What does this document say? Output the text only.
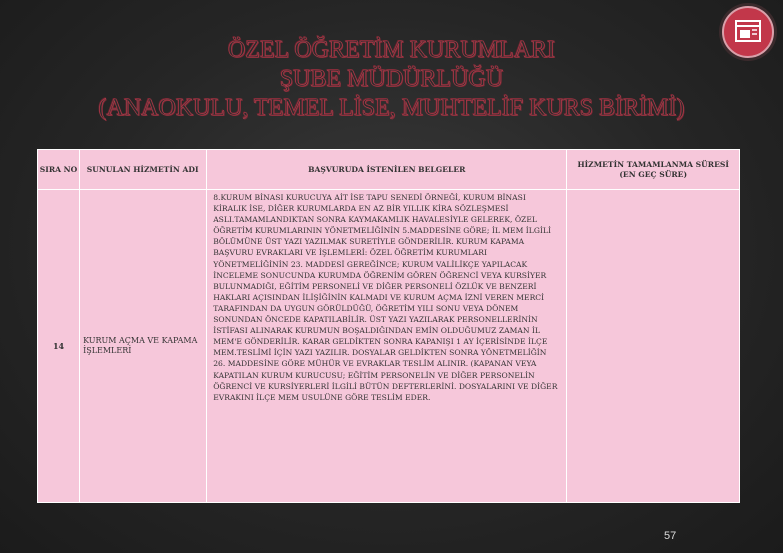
ÖZEL ÖĞRETİM KURUMLARI
ŞUBE MÜDÜRLÜĞÜ
(ANAOKULU, TEMEL LİSE, MUHTELİF KURS BİRİMİ)
SIRA NO	SUNULAN HİZMETİN ADI	BAŞVURUDA İSTENİLEN BELGELER	HİZMETİN TAMAMLANMA SÜRESİ (EN GEÇ SÜRE)
14	KURUM AÇMA VE KAPAMA İŞLEMLERİ	8.KURUM BİNASI KURUCUYA AİT İSE TAPU SENEDİ ÖRNEĞİ, KURUM BİNASI KİRALIK İSE, DİĞER KURUMLARDA EN AZ BİR YILLIK KİRA SÖZLEŞMESİ ASLI.TAMAMLANDIKTAN SONRA KAYMAKAMLIK HAVALESİYLE GELEREK, ÖZEL ÖĞRETİM KURUMLARININ YÖNETMELİĞİNİN 5.MADDESİNE GÖRE; İL MEM İLGİLİ BÖLÜMÜNE ÜST YAZI YAZILMAK SURETİYLE GÖNDERİLİR. KURUM KAPAMA BAŞVURU EVRAKLARI VE İŞLEMLERİ: ÖZEL ÖĞRETİM KURUMLARI YÖNETMELİĞİNİN 23. MADDESİ GEREĞİNCE; KURUM VALİLİKÇE YAPILACAK İNCELEME SONUCUNDA KURUMDA ÖĞRENİM GÖREN ÖĞRENCİ VEYA KURSİYER BULUNMADIĞI, EĞİTİM PERSONELİ VE DİĞER PERSONELİ ÖZLÜK VE BENZERİ HAKLARI AÇISINDAN İLİŞİĞİNİN KALMADI VE KURUM AÇMA İZNİ VEREN MERCİ TARAFINDAN DA UYGUN GÖRÜLDÜĞÜ, ÖĞRETİM YILI SONU VEYA DÖNEM SONUNDAN ÖNCEDE KAPATILABİLİR. ÜST YAZI YAZILARAK PERSONELLERİNİN İSTİFASI ALINARAK KURUMUN BOŞALDIĞINDAN EMİN OLDUĞUMUZ ZAMAN İL MEM'E GÖNDERİLİR. KARAR GELDİKTEN SONRA KAPANIŞI 1 AY İÇERİSİNDE İLÇE MEM.TESLİMİ İÇİN YAZI YAZILIR. DOSYALAR GELDİKTEN SONRA YÖNETMELİĞİN 26. MADDESİNE GÖRE MÜHÜR VE EVRAKLAR TESLİM ALINIR. (KAPANAN VEYA KAPATILAN KURUM KURUCUSU; EĞİTİM PERSONELİN VE DİĞER PERSONELİN ÖĞRENCİ VE KURSİYERLERİ İLGİLİ BÜTÜN DEFTERLERİNİ. DOSYALARINI VE DİĞER EVRAKINI İLÇE MEM USULÜNE GÖRE TESLİM EDER.	
57
